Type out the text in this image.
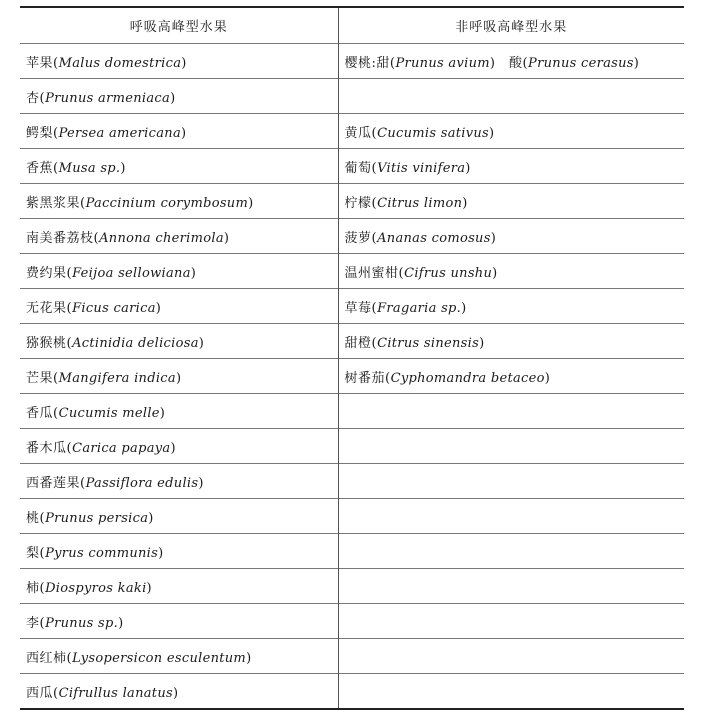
呼吸高峰型水果	非呼吸高峰型水果
苹果(Malus domestrica)	樱桃:甜(Prunus avium)　酸(Prunus cerasus)
杏(Prunus armeniaca)	
鳄梨(Persea americana)	黄瓜(Cucumis sativus)
香蕉(Musa sp.)	葡萄(Vitis vinifera)
紫黑浆果(Paccinium corymbosum)	柠檬(Citrus limon)
南美番荔枝(Annona cherimola)	菠萝(Ananas comosus)
费约果(Feijoa sellowiana)	温州蜜柑(Cifrus unshu)
无花果(Ficus carica)	草莓(Fragaria sp.)
猕猴桃(Actinidia deliciosa)	甜橙(Citrus sinensis)
芒果(Mangifera indica)	树番茄(Cyphomandra betaceo)
香瓜(Cucumis melle)	
番木瓜(Carica papaya)	
西番莲果(Passiflora edulis)	
桃(Prunus persica)	
梨(Pyrus communis)	
柿(Diospyros kaki)	
李(Prunus sp.)	
西红柿(Lysopersicon esculentum)	
西瓜(Cifrullus lanatus)	
